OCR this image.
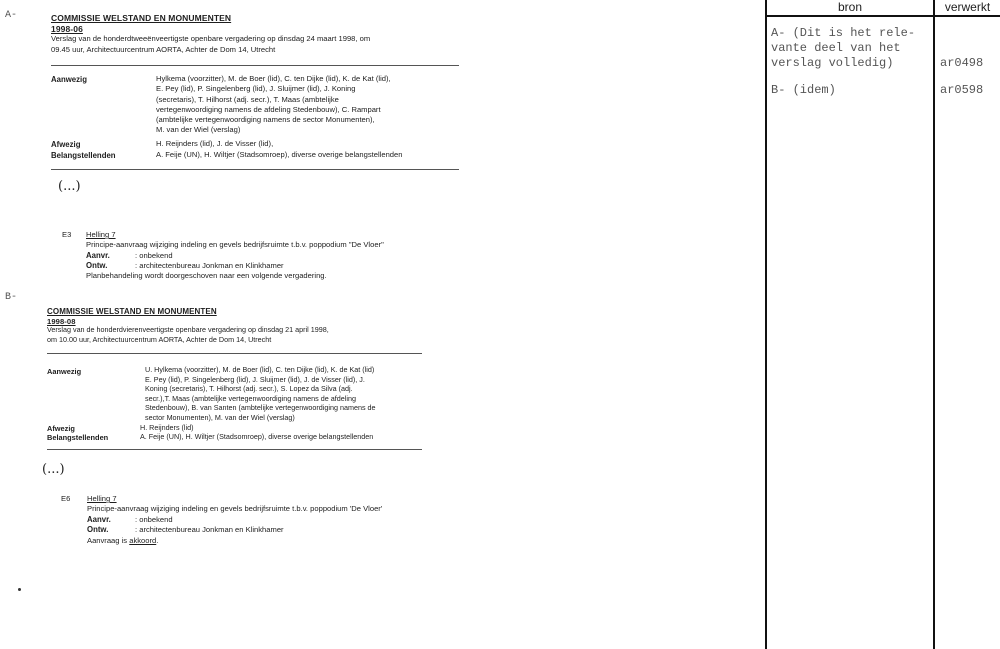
A-	COMMISSIE WELSTAND EN MONUMENTEN
1998-06
Verslag van de honderdtweeënveertigste openbare vergadering op dinsdag 24 maart 1998, om
09.45 uur, Architectuurcentrum AORTA, Achter de Dom 14, Utrecht
Aanwezig	Hylkema (voorzitter), M. de Boer (lid), C. ten Dijke (lid), K. de Kat (lid),
E. Pey (lid), P. Singelenberg (lid), J. Sluijmer (lid), J. Koning
(secretaris), T. Hilhorst (adj. secr.), T. Maas (ambtelijke
vertegenwoordiging namens de afdeling Stedenbouw), C. Rampart
(ambtelijke vertegenwoordiging namens de sector Monumenten),
M. van der Wiel (verslag)
Afwezig	H. Reijnders (lid), J. de Visser (lid),
Belangstellenden	A. Feije (UN), H. Wiltjer (Stadsomroep), diverse overige belangstellenden
(...)
E3 Helling 7
Principe-aanvraag wijziging indeling en gevels bedrijfsruimte t.b.v. poppodium "De Vloer"
Aanvr.	: onbekend
Ontw.	: architectenbureau Jonkman en Klinkhamer
Planbehandeling wordt doorgeschoven naar een volgende vergadering.
B-
COMMISSIE WELSTAND EN MONUMENTEN
1998-08
Verslag van de honderdvierenveertigste openbare vergadering op dinsdag 21 april 1998,
om 10.00 uur, Architectuurcentrum AORTA, Achter de Dom 14, Utrecht
Aanwezig	U. Hylkema (voorzitter), M. de Boer (lid), C. ten Dijke (lid), K. de Kat (lid)
E. Pey (lid), P. Singelenberg (lid), J. Sluijmer (lid), J. de Visser (lid), J.
Koning (secretaris), T. Hilhorst (adj. secr.), S. Lopez da Silva (adj.
secr.),T. Maas (ambtelijke vertegenwoordiging namens de afdeling
Stedenbouw), B. van Santen (ambtelijke vertegenwoordiging namens de
sector Monumenten), M. van der Wiel (verslag)
Afwezig	H. Reijnders (lid)
Belangstellenden	A. Feije (UN), H. Wiltjer (Stadsomroep), diverse overige belangstellenden
(...)
E6 Helling 7
Principe-aanvraag wijziging indeling en gevels bedrijfsruimte t.b.v. poppodium 'De Vloer'
Aanvr.	: onbekend
Ontw.	: architectenbureau Jonkman en Klinkhamer
Aanvraag is akkoord.
bron	verwerkt
A- (Dit is het rele-
vante deel van het
verslag volledig)	ar0498
B- (idem)	ar0598
